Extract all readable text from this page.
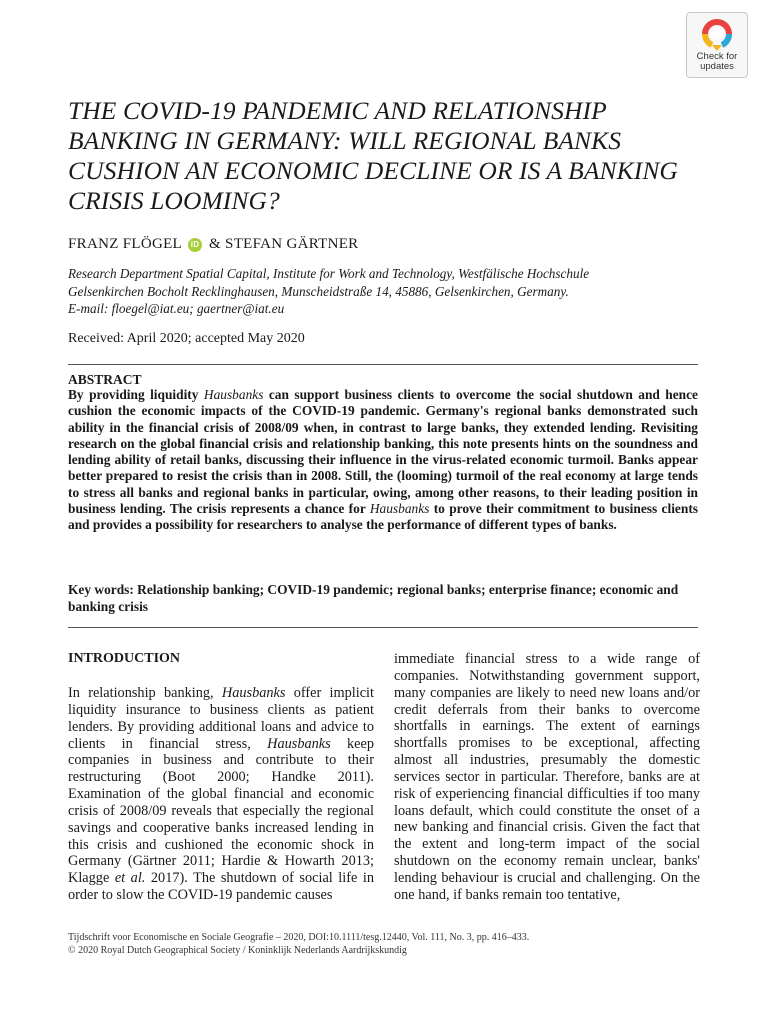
Check for
updates
THE COVID-19 PANDEMIC AND RELATIONSHIP BANKING IN GERMANY: WILL REGIONAL BANKS CUSHION AN ECONOMIC DECLINE OR IS A BANKING CRISIS LOOMING?
FRANZ FLÖGEL	iD & STEFAN GÄRTNER
Research Department Spatial Capital, Institute for Work and Technology, Westfälische Hochschule
Gelsenkirchen Bocholt Recklinghausen, Munscheidstraße 14, 45886, Gelsenkirchen, Germany.
E-mail: floegel@iat.eu; gaertner@iat.eu
Received: April 2020; accepted May 2020
ABSTRACT
By providing liquidity Hausbanks can support business clients to overcome the social shutdown and hence cushion the economic impacts of the COVID-19 pandemic. Germany's regional banks demonstrated such ability in the financial crisis of 2008/09 when, in contrast to large banks, they extended lending. Revisiting research on the global financial crisis and relationship banking, this note presents hints on the soundness and lending ability of retail banks, discussing their influence in the virus-related economic turmoil. Banks appear better prepared to resist the crisis than in 2008. Still, the (looming) turmoil of the real economy at large tends to stress all banks and regional banks in particular, owing, among other reasons, to their leading position in business lending. The crisis represents a chance for Hausbanks to prove their commitment to business clients and provides a possibility for researchers to analyse the performance of different types of banks.
Key words: Relationship banking; COVID-19 pandemic; regional banks; enterprise finance; economic and banking crisis
INTRODUCTION
In relationship banking, Hausbanks offer implicit liquidity insurance to business clients as patient lenders. By providing additional loans and advice to clients in financial stress, Hausbanks keep companies in business and contribute to their restructuring (Boot 2000; Handke 2011). Examination of the global financial and economic crisis of 2008/09 reveals that especially the regional savings and cooperative banks increased lending in this crisis and cushioned the economic shock in Germany (Gärtner 2011; Hardie & Howarth 2013; Klagge et al. 2017). The shutdown of social life in order to slow the COVID-19 pandemic causes
immediate financial stress to a wide range of companies. Notwithstanding government support, many companies are likely to need new loans and/or credit deferrals from their banks to overcome shortfalls in earnings. The extent of earnings shortfalls promises to be exceptional, affecting almost all industries, presumably the domestic services sector in particular. Therefore, banks are at risk of experiencing financial difficulties if too many loans default, which could constitute the onset of a new banking and financial crisis. Given the fact that the extent and long-term impact of the social shutdown on the economy remain unclear, banks' lending behaviour is crucial and challenging. On the one hand, if banks remain too tentative,
Tijdschrift voor Economische en Sociale Geografie – 2020, DOI:10.1111/tesg.12440, Vol. 111, No. 3, pp. 416–433.
© 2020 Royal Dutch Geographical Society / Koninklijk Nederlands Aardrijkskundig
